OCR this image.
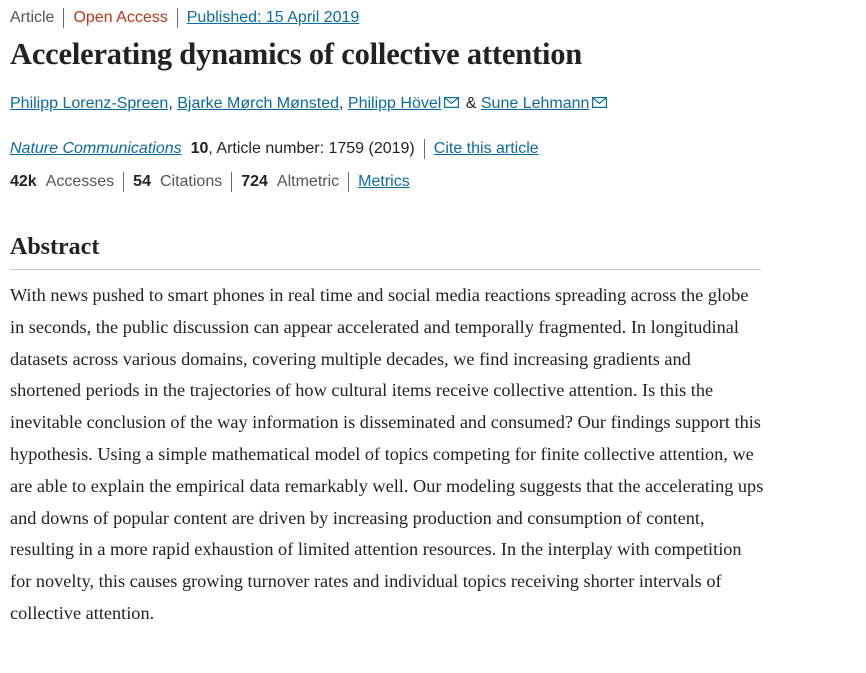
Article Open Access Published: 15 April 2019
Accelerating dynamics of collective attention
Philipp Lorenz-Spreen , Bjarke Mørch Mønsted , Philipp Hövel & Sune Lehmann
Nature Communications 10 , Article number: 1759 (2019) Cite this article
42k Accesses 54 Citations 724 Altmetric Metrics
Abstract

With news pushed to smart phones in real time and social media reactions spreading across the globe in seconds, the public discussion can appear accelerated and temporally fragmented. In longitudinal datasets across various domains, covering multiple decades, we find increasing gradients and shortened periods in the trajectories of how cultural items receive collective attention. Is this the inevitable conclusion of the way information is disseminated and consumed? Our findings support this hypothesis. Using a simple mathematical model of topics competing for finite collective attention, we are able to explain the empirical data remarkably well. Our modeling suggests that the accelerating ups and downs of popular content are driven by increasing production and consumption of content, resulting in a more rapid exhaustion of limited attention resources. In the interplay with competition for novelty, this causes growing turnover rates and individual topics receiving shorter intervals of collective attention.
